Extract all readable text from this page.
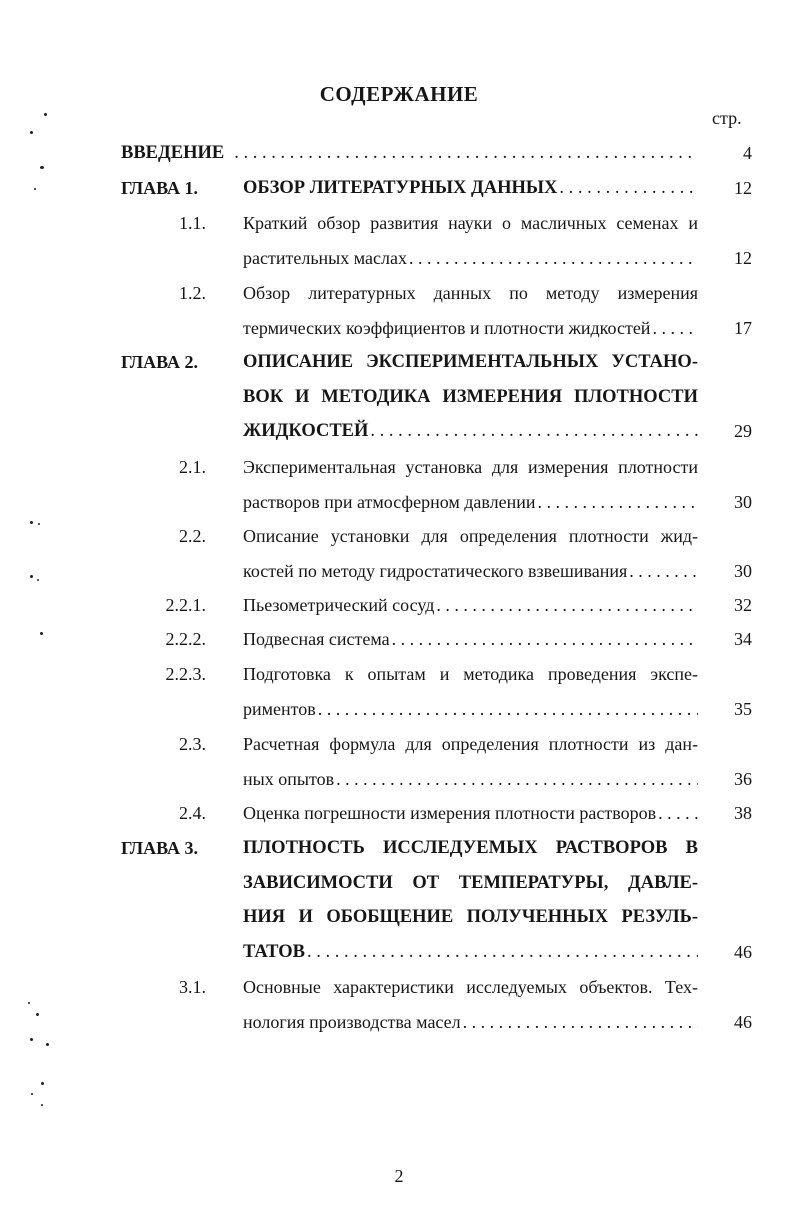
СОДЕРЖАНИЕ
стр.
ВВЕДЕНИЕ . . .	4
ГЛАВА 1. ОБЗОР ЛИТЕРАТУРНЫХ ДАННЫХ . . .	12
1.1. Краткий обзор развития науки о масличных семенах и
растительных маслах . . .	12
1.2. Обзор литературных данных по методу измерения
термических коэффициентов и плотности жидкостей . . .	17
ГЛАВА 2. ОПИСАНИЕ ЭКСПЕРИМЕНТАЛЬНЫХ УСТАНО-
ВОК И МЕТОДИКА ИЗМЕРЕНИЯ ПЛОТНОСТИ
ЖИДКОСТЕЙ . . .	29
2.1. Экспериментальная установка для измерения плотности
растворов при атмосферном давлении . . .	30
2.2. Описание установки для определения плотности жид-
костей по методу гидростатического взвешивания . . .	30
2.2.1. Пьезометрический сосуд . . .	32
2.2.2. Подвесная система . . .	34
2.2.3. Подготовка к опытам и методика проведения экспе-
риментов . . .	35
2.3. Расчетная формула для определения плотности из дан-
ных опытов . . .	36
2.4. Оценка погрешности измерения плотности растворов . . .	38
ГЛАВА 3. ПЛОТНОСТЬ ИССЛЕДУЕМЫХ РАСТВОРОВ В
ЗАВИСИМОСТИ ОТ ТЕМПЕРАТУРЫ, ДАВЛЕ-
НИЯ И ОБОБЩЕНИЕ ПОЛУЧЕННЫХ РЕЗУЛЬ-
ТАТОВ . . .	46
3.1. Основные характеристики исследуемых объектов. Тех-
нология производства масел . . .	46
2
